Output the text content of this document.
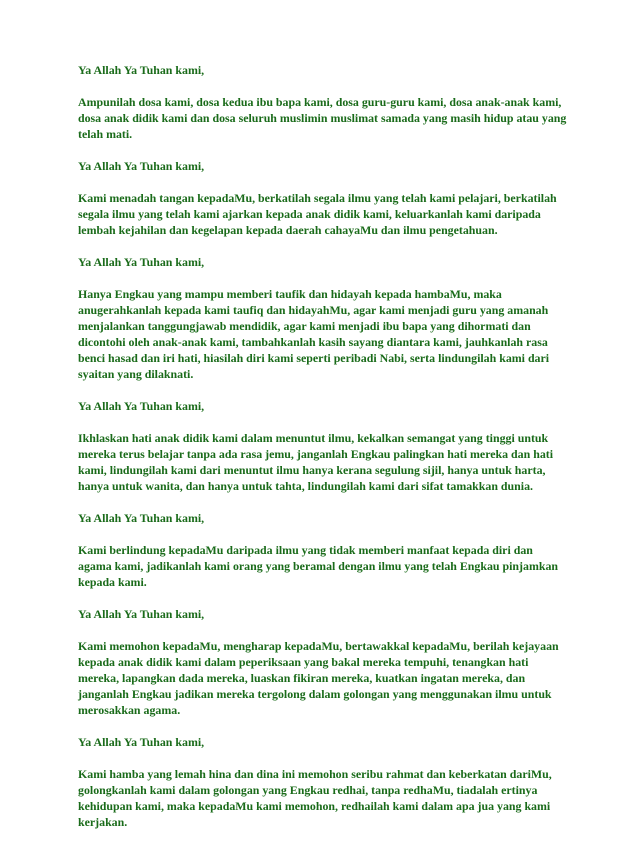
Ya Allah Ya Tuhan kami,

Ampunilah dosa kami, dosa kedua ibu bapa kami, dosa guru-guru kami, dosa anak-anak kami, dosa anak didik kami dan dosa seluruh muslimin muslimat samada yang masih hidup atau yang telah mati.

Ya Allah Ya Tuhan kami,

Kami menadah tangan kepadaMu, berkatilah segala ilmu yang telah kami pelajari, berkatilah segala ilmu yang telah kami ajarkan kepada anak didik kami, keluarkanlah kami daripada lembah kejahilan dan kegelapan kepada daerah cahayaMu dan ilmu pengetahuan.

Ya Allah Ya Tuhan kami,

Hanya Engkau yang mampu memberi taufik dan hidayah kepada hambaMu, maka anugerahkanlah kepada kami taufiq dan hidayahMu, agar kami menjadi guru yang amanah menjalankan tanggungjawab mendidik, agar kami menjadi ibu bapa yang dihormati dan dicontohi oleh anak-anak kami, tambahkanlah kasih sayang diantara kami, jauhkanlah rasa benci hasad dan iri hati, hiasilah diri kami seperti peribadi Nabi, serta lindungilah kami dari syaitan yang dilaknati.

Ya Allah Ya Tuhan kami,

Ikhlaskan hati anak didik kami dalam menuntut ilmu, kekalkan semangat yang tinggi untuk mereka terus belajar tanpa ada rasa jemu, janganlah Engkau palingkan hati mereka dan hati kami, lindungilah kami dari menuntut ilmu hanya kerana segulung sijil, hanya untuk harta, hanya untuk wanita, dan hanya untuk tahta, lindungilah kami dari sifat tamakkan dunia.

Ya Allah Ya Tuhan kami,

Kami berlindung kepadaMu daripada ilmu yang tidak memberi manfaat kepada diri dan agama kami, jadikanlah kami orang yang beramal dengan ilmu yang telah Engkau pinjamkan kepada kami.

Ya Allah Ya Tuhan kami,

Kami memohon kepadaMu, mengharap kepadaMu, bertawakkal kepadaMu, berilah kejayaan kepada anak didik kami dalam peperiksaan yang bakal mereka tempuhi, tenangkan hati mereka, lapangkan dada mereka, luaskan fikiran mereka, kuatkan ingatan mereka, dan janganlah Engkau jadikan mereka tergolong dalam golongan yang menggunakan ilmu untuk merosakkan agama.

Ya Allah Ya Tuhan kami,

Kami hamba yang lemah hina dan dina ini memohon seribu rahmat dan keberkatan dariMu, golongkanlah kami dalam golongan yang Engkau redhai, tanpa redhaMu, tiadalah ertinya kehidupan kami, maka kepadaMu kami memohon, redhailah kami dalam apa jua yang kami kerjakan.
